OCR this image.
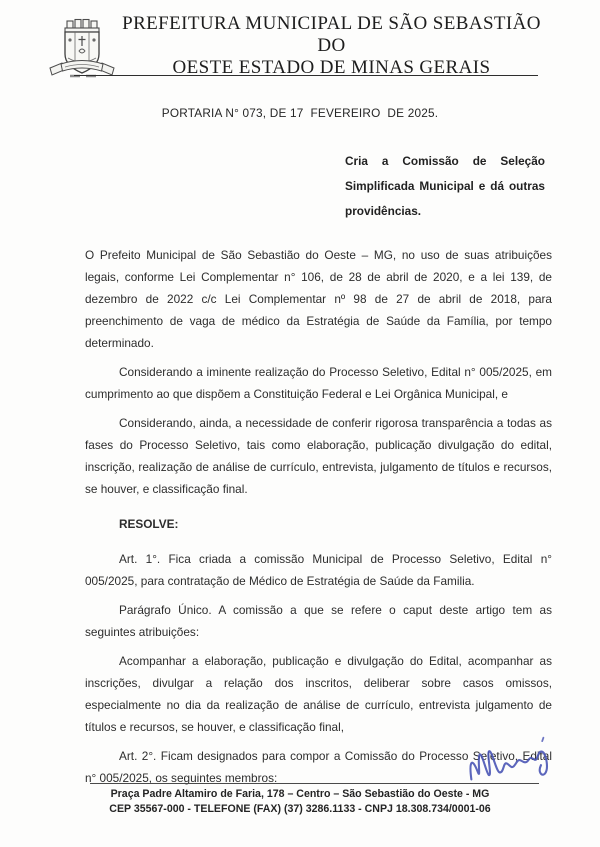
PREFEITURA MUNICIPAL DE SÃO SEBASTIÃO DO
OESTE ESTADO DE MINAS GERAIS
PORTARIA N° 073, DE 17  FEVEREIRO  DE 2025.
Cria a Comissão de Seleção Simplificada Municipal e dá outras providências.

O Prefeito Municipal de São Sebastião do Oeste – MG, no uso de suas atribuições legais, conforme Lei Complementar n° 106, de 28 de abril de 2020, e a lei 139, de dezembro de 2022 c/c Lei Complementar nº 98 de 27 de abril de 2018, para preenchimento de vaga de médico da Estratégia de Saúde da Família, por tempo determinado.

Considerando a iminente realização do Processo Seletivo, Edital n° 005/2025, em cumprimento ao que dispõem a Constituição Federal e Lei Orgânica Municipal, e

Considerando, ainda, a necessidade de conferir rigorosa transparência a todas as fases do Processo Seletivo, tais como elaboração, publicação divulgação do edital, inscrição, realização de análise de currículo, entrevista, julgamento de títulos e recursos, se houver, e classificação final.

RESOLVE:

Art. 1°. Fica criada a comissão Municipal de Processo Seletivo, Edital n° 005/2025, para contratação de Médico de Estratégia de Saúde da Familia.

Parágrafo Único. A comissão a que se refere o caput deste artigo tem as seguintes atribuições:

Acompanhar a elaboração, publicação e divulgação do Edital, acompanhar as inscrições, divulgar a relação dos inscritos, deliberar sobre casos omissos, especialmente no dia da realização de análise de currículo, entrevista julgamento de títulos e recursos, se houver, e classificação final,

Art. 2°. Ficam designados para compor a Comissão do Processo Seletivo, Edital n° 005/2025, os seguintes membros:

Praça Padre Altamiro de Faria, 178 – Centro – São Sebastião do Oeste - MG
CEP 35567-000 - TELEFONE (FAX) (37) 3286.1133 - CNPJ 18.308.734/0001-06
